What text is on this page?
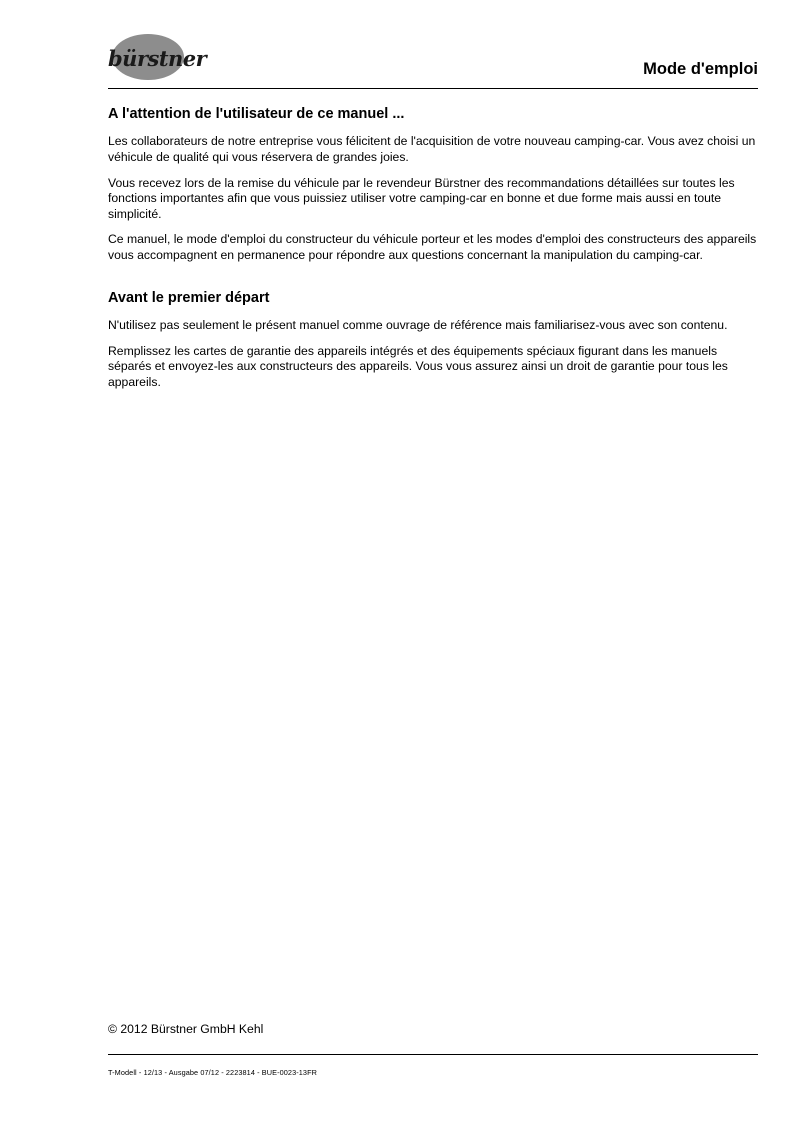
bürstner	Mode d'emploi
A l'attention de l'utilisateur de ce manuel ...

Les collaborateurs de notre entreprise vous félicitent de l'acquisition de votre nouveau camping-car. Vous avez choisi un véhicule de qualité qui vous réservera de grandes joies.

Vous recevez lors de la remise du véhicule par le revendeur Bürstner des recommandations détaillées sur toutes les fonctions importantes afin que vous puissiez utiliser votre camping-car en bonne et due forme mais aussi en toute simplicité.

Ce manuel, le mode d'emploi du constructeur du véhicule porteur et les modes d'emploi des constructeurs des appareils vous accompagnent en permanence pour répondre aux questions concernant la manipulation du camping-car.

Avant le premier départ

N'utilisez pas seulement le présent manuel comme ouvrage de référence mais familiarisez-vous avec son contenu.

Remplissez les cartes de garantie des appareils intégrés et des équipements spéciaux figurant dans les manuels séparés et envoyez-les aux constructeurs des appareils. Vous vous assurez ainsi un droit de garantie pour tous les appareils.

© 2012 Bürstner GmbH Kehl
T-Modell - 12/13 - Ausgabe 07/12 - 2223814 - BUE-0023-13FR
